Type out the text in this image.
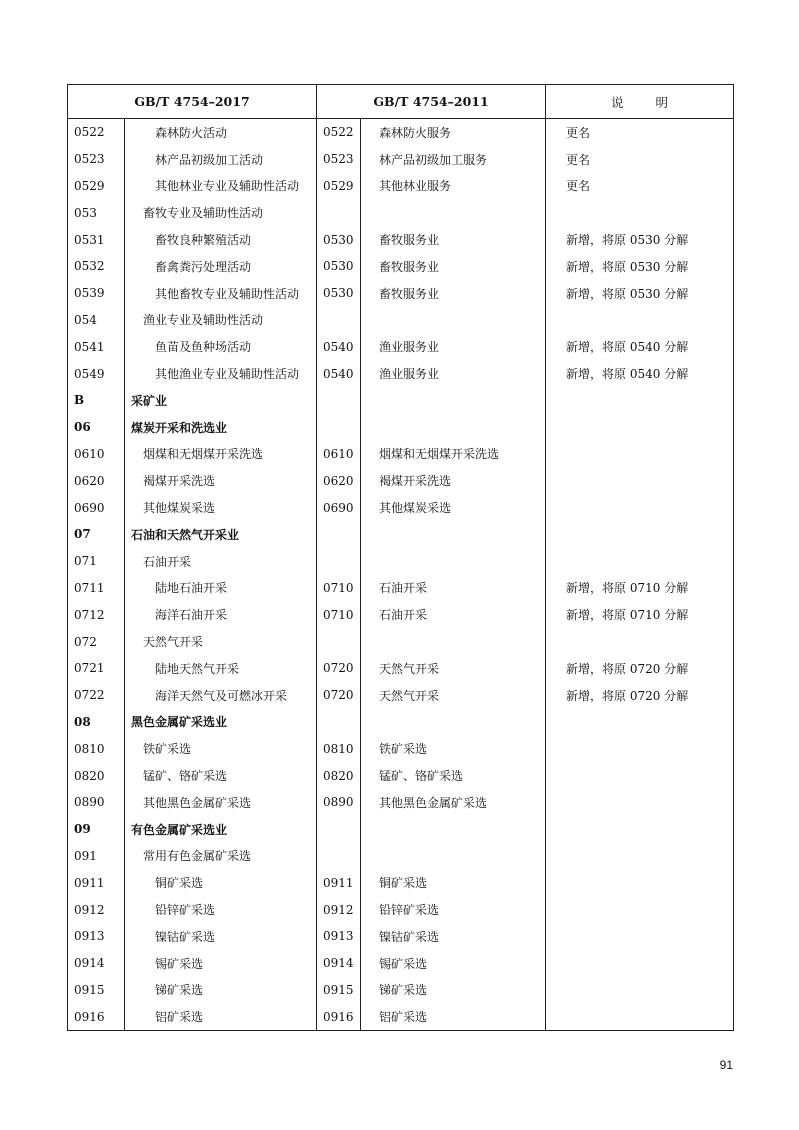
GB/T 4754–2017		GB/T 4754–2011		说 明
0522	森林防火活动	0522	森林防火服务	更名
0523	林产品初级加工活动	0523	林产品初级加工服务	更名
0529	其他林业专业及辅助性活动	0529	其他林业服务	更名
053	畜牧专业及辅助性活动			
0531	畜牧良种繁殖活动	0530	畜牧服务业	新增，将原 0530 分解
0532	畜禽粪污处理活动	0530	畜牧服务业	新增，将原 0530 分解
0539	其他畜牧专业及辅助性活动	0530	畜牧服务业	新增，将原 0530 分解
054	渔业专业及辅助性活动			
0541	鱼苗及鱼种场活动	0540	渔业服务业	新增，将原 0540 分解
0549	其他渔业专业及辅助性活动	0540	渔业服务业	新增，将原 0540 分解
B	采矿业			
06	煤炭开采和洗选业			
0610	烟煤和无烟煤开采洗选	0610	烟煤和无烟煤开采洗选	
0620	褐煤开采洗选	0620	褐煤开采洗选	
0690	其他煤炭采选	0690	其他煤炭采选	
07	石油和天然气开采业			
071	石油开采			
0711	陆地石油开采	0710	石油开采	新增，将原 0710 分解
0712	海洋石油开采	0710	石油开采	新增，将原 0710 分解
072	天然气开采			
0721	陆地天然气开采	0720	天然气开采	新增，将原 0720 分解
0722	海洋天然气及可燃冰开采	0720	天然气开采	新增，将原 0720 分解
08	黑色金属矿采选业			
0810	铁矿采选	0810	铁矿采选	
0820	锰矿、铬矿采选	0820	锰矿、铬矿采选	
0890	其他黑色金属矿采选	0890	其他黑色金属矿采选	
09	有色金属矿采选业			
091	常用有色金属矿采选			
0911	铜矿采选	0911	铜矿采选	
0912	铅锌矿采选	0912	铅锌矿采选	
0913	镍钴矿采选	0913	镍钴矿采选	
0914	锡矿采选	0914	锡矿采选	
0915	锑矿采选	0915	锑矿采选	
0916	铝矿采选	0916	铝矿采选	
91
